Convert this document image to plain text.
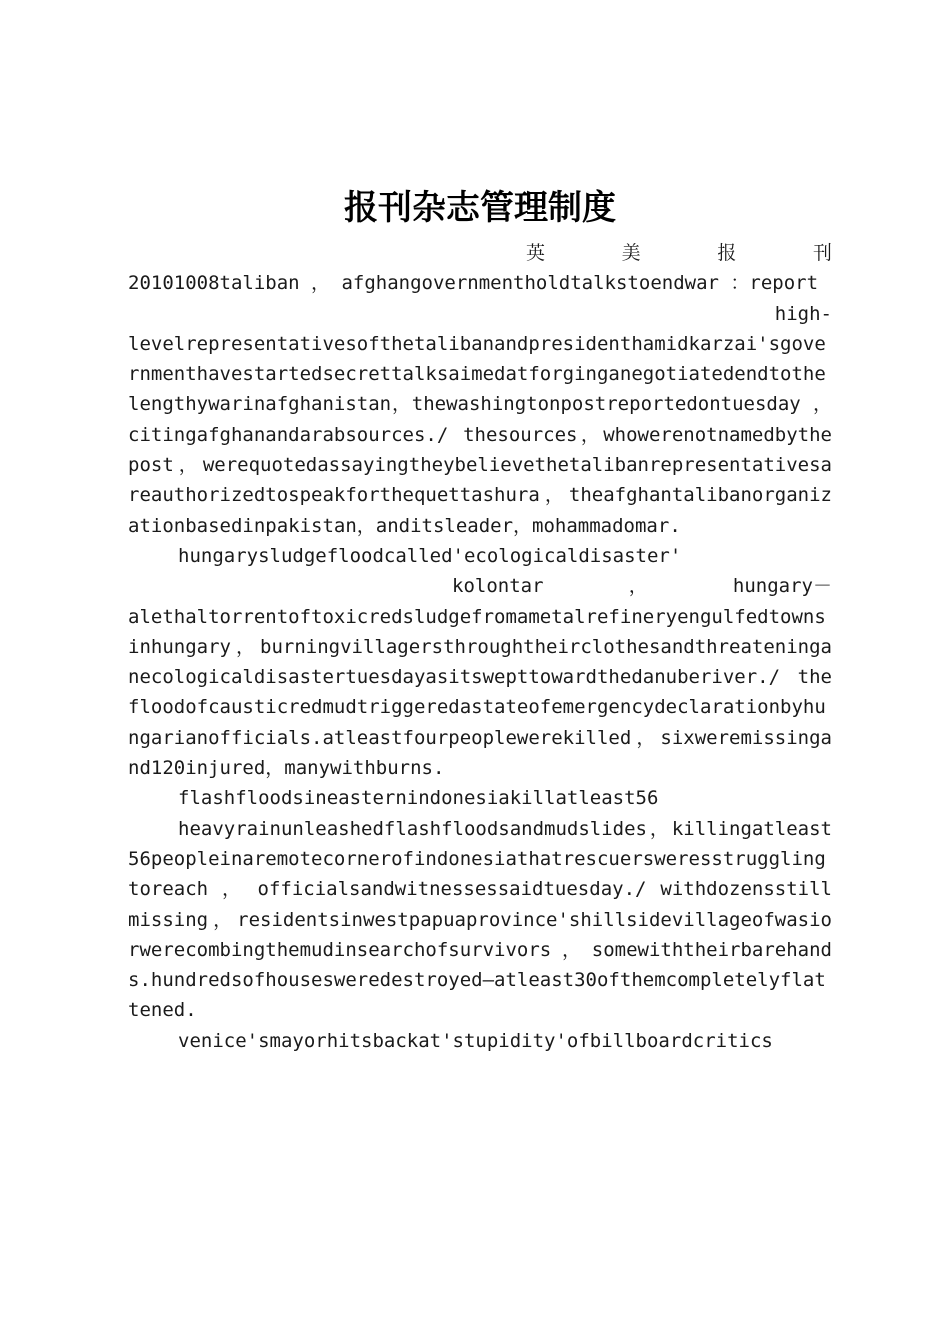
报刊杂志管理制度
英	美	报	刊

20101008taliban ， afghangovernmentholdtalkstoendwar ：report

high-

levelrepresentativesofthetalibanandpresidenthamidkarzai'sgovernmenthavestartedsecrettalksaimedatforginganegotiatedendtothelengthywarinafghanistan，thewashingtonpostreportedontuesday ， citingafghanandarabsources./ thesources，whowerenotnamedbythepost，werequotedassayingtheybelievethetalibanrepresentativesareauthorizedtospeakforthequettashura，theafghantalibanorganizationbasedinpakistan，anditsleader，mohammadomar.

hungarysludgefloodcalled'ecologicaldisaster'

kolontar	，	hungary－

alethaltorrentoftoxicredsludgefromametalrefineryengulfedtownsinhungary，burningvillagersthroughtheirclothesandthreateninganecologicaldisastertuesdayasitswepttowardthedanuberiver./ thefloodofcausticredmudtriggeredastateofemergencydeclarationbyhungarianofficials.atleastfourpeoplewerekilled，sixweremissingand120injured，manywithburns.

flashfloodsineasternindonesiakillatleast56

heavyrainunleashedflashfloodsandmudslides，killingatleast56peopleinaremotecornerofindonesiathatrescuersweresstrugglingtoreach ， officialsandwitnessessaidtuesday./ withdozensstillmissing，residentsinwestpapuaprovince'shillsidevillageofwasiorwerecombingthemudinsearchofsurvivors，somewiththeirbarehands.hundredsofhousesweredestroyed—atleast30ofthemcompletelyflattened.

venice'smayorhitsbackat'stupidity'ofbillboardcritics
